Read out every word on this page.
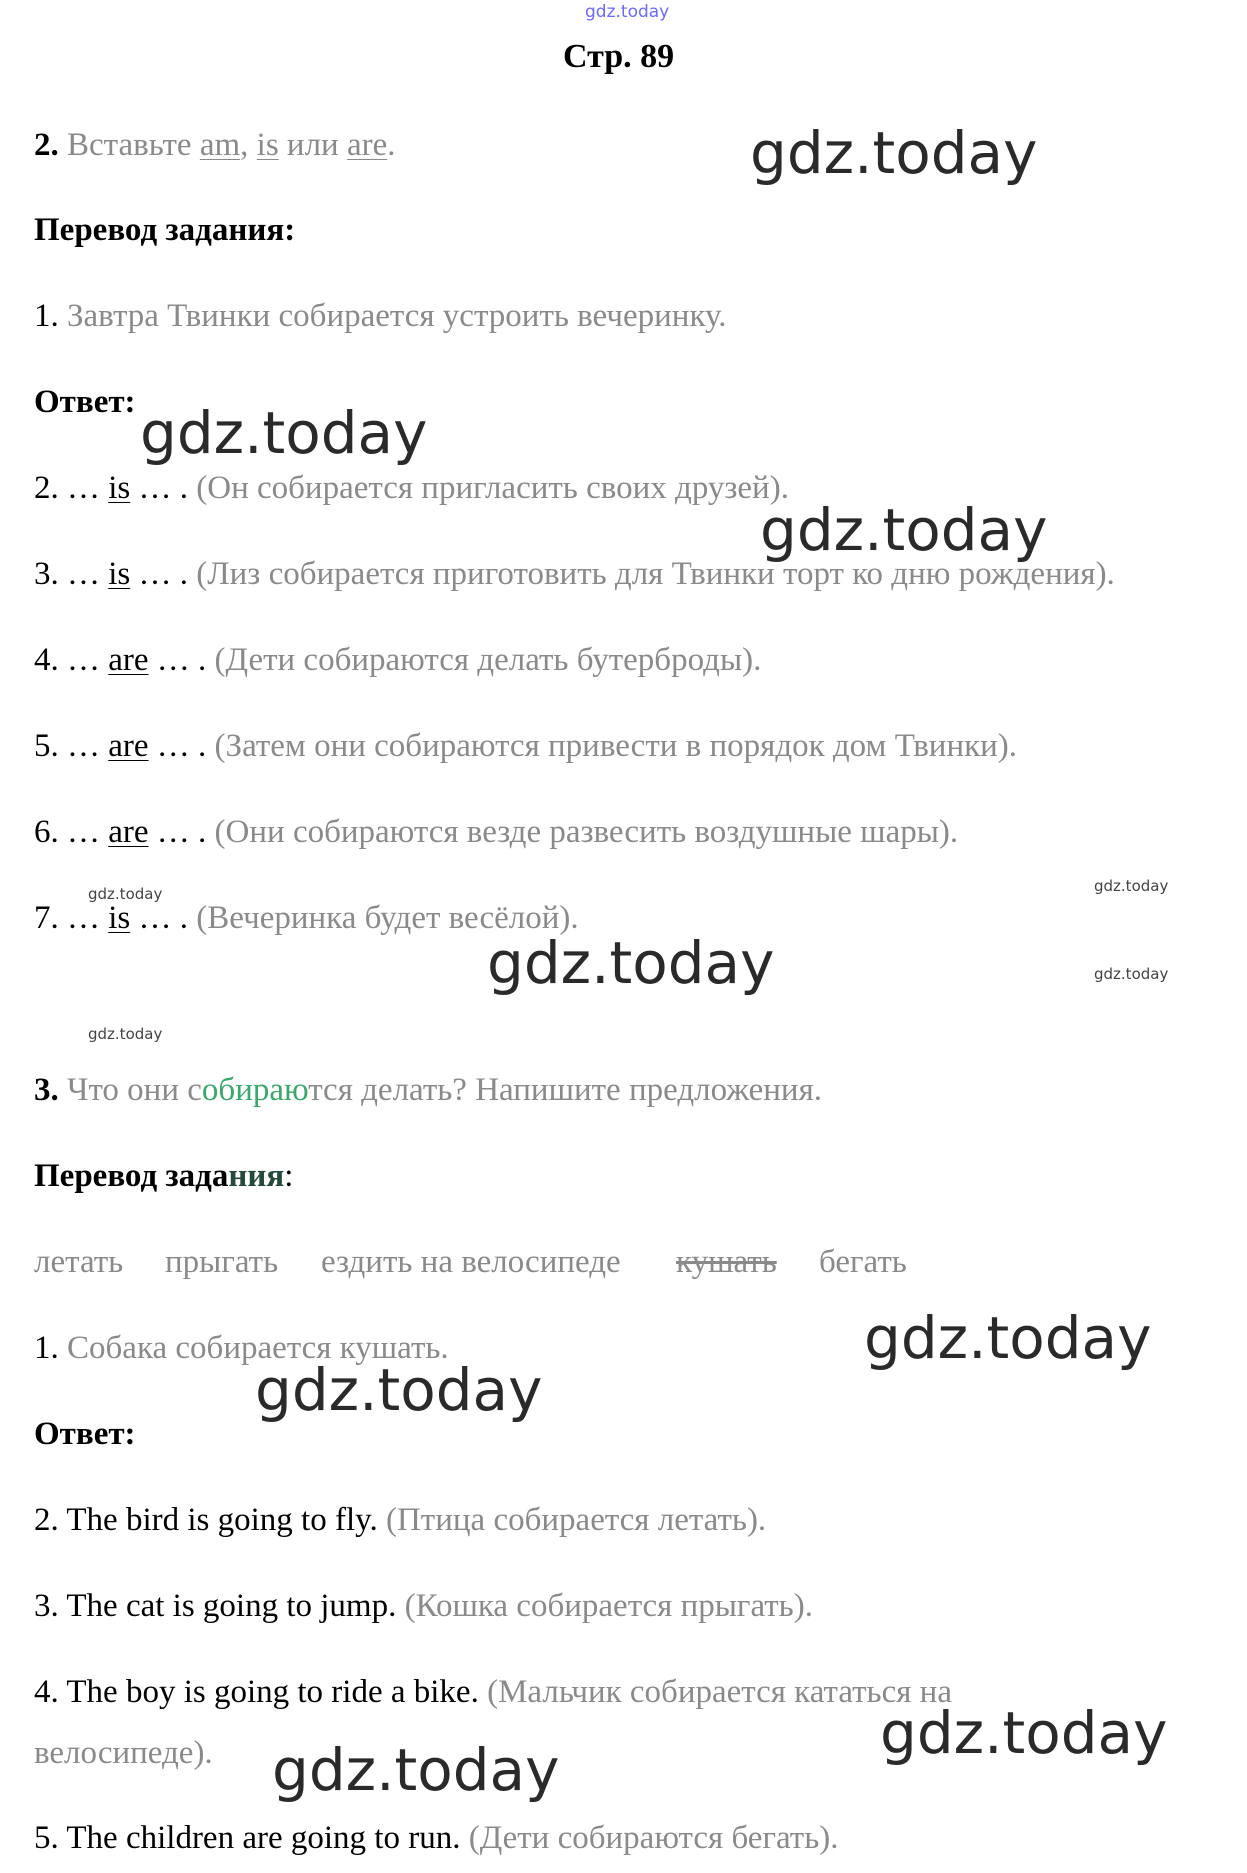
gdz.today
Стр. 89
2. Вставьте am, is или are.
Перевод задания:
1. Завтра Твинки собирается устроить вечеринку.
Ответ:
2. … is … . (Он собирается пригласить своих друзей).
3. … is … . (Лиз собирается приготовить для Твинки торт ко дню рождения).
4. … are … . (Дети собираются делать бутерброды).
5. … are … . (Затем они собираются привести в порядок дом Твинки).
6. … are … . (Они собираются везде развесить воздушные шары).
7. … is … . (Вечеринка будет весёлой).
3. Что они собираются делать? Напишите предложения.
Перевод задания:
летать прыгать ездить на велосипеде кушать бегать
1. Собака собирается кушать.
Ответ:
2. The bird is going to fly. (Птица собирается летать).
3. The cat is going to jump. (Кошка собирается прыгать).
4. The boy is going to ride a bike. (Мальчик собирается кататься на
велосипеде).
5. The children are going to run. (Дети собираются бегать).
gdz.today
gdz.today
gdz.today
gdz.today
gdz.today
gdz.today
gdz.today
gdz.today
gdz.today	gdz.today
gdz.today
gdz.today
